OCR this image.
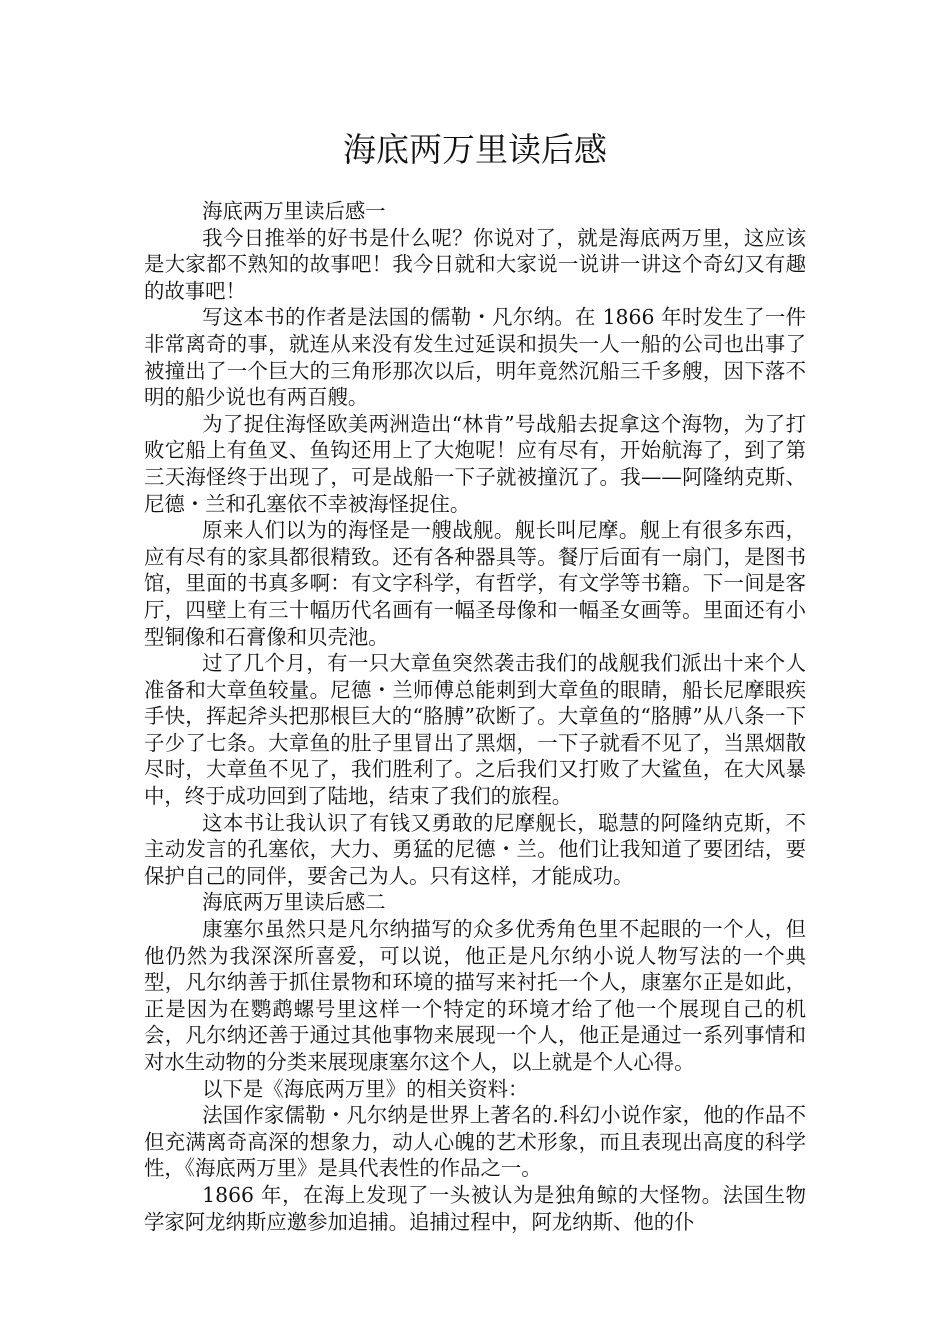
海底两万里读后感

海底两万里读后感一

我今日推举的好书是什么呢？你说对了，就是海底两万里，这应该是大家都不熟知的故事吧！我今日就和大家说一说讲一讲这个奇幻又有趣的故事吧！

写这本书的作者是法国的儒勒・凡尔纳。在 1866 年时发生了一件非常离奇的事，就连从来没有发生过延误和损失一人一船的公司也出事了被撞出了一个巨大的三角形那次以后，明年竟然沉船三千多艘，因下落不明的船少说也有两百艘。

为了捉住海怪欧美两洲造出“林肯”号战船去捉拿这个海物，为了打败它船上有鱼叉、鱼钩还用上了大炮呢！应有尽有，开始航海了，到了第三天海怪终于出现了，可是战船一下子就被撞沉了。我——阿隆纳克斯、尼德・兰和孔塞依不幸被海怪捉住。

原来人们以为的海怪是一艘战舰。舰长叫尼摩。舰上有很多东西，应有尽有的家具都很精致。还有各种器具等。餐厅后面有一扇门，是图书馆，里面的书真多啊：有文字科学，有哲学，有文学等书籍。下一间是客厅，四壁上有三十幅历代名画有一幅圣母像和一幅圣女画等。里面还有小型铜像和石膏像和贝壳池。

过了几个月，有一只大章鱼突然袭击我们的战舰我们派出十来个人准备和大章鱼较量。尼德・兰师傅总能刺到大章鱼的眼睛，船长尼摩眼疾手快，挥起斧头把那根巨大的“胳膊”砍断了。大章鱼的“胳膊”从八条一下子少了七条。大章鱼的肚子里冒出了黑烟，一下子就看不见了，当黑烟散尽时，大章鱼不见了，我们胜利了。之后我们又打败了大鲨鱼，在大风暴中，终于成功回到了陆地，结束了我们的旅程。

这本书让我认识了有钱又勇敢的尼摩舰长，聪慧的阿隆纳克斯，不主动发言的孔塞依，大力、勇猛的尼德・兰。他们让我知道了要团结，要保护自己的同伴，要舍己为人。只有这样，才能成功。

海底两万里读后感二

康塞尔虽然只是凡尔纳描写的众多优秀角色里不起眼的一个人，但他仍然为我深深所喜爱，可以说，他正是凡尔纳小说人物写法的一个典型，凡尔纳善于抓住景物和环境的描写来衬托一个人，康塞尔正是如此，正是因为在鹦鹉螺号里这样一个特定的环境才给了他一个展现自己的机会，凡尔纳还善于通过其他事物来展现一个人，他正是通过一系列事情和对水生动物的分类来展现康塞尔这个人，以上就是个人心得。

以下是《海底两万里》的相关资料：

法国作家儒勒・凡尔纳是世界上著名的.科幻小说作家，他的作品不但充满离奇高深的想象力，动人心魄的艺术形象，而且表现出高度的科学性，《海底两万里》是具代表性的作品之一。

1866 年，在海上发现了一头被认为是独角鲸的大怪物。法国生物学家阿龙纳斯应邀参加追捕。追捕过程中，阿龙纳斯、他的仆
